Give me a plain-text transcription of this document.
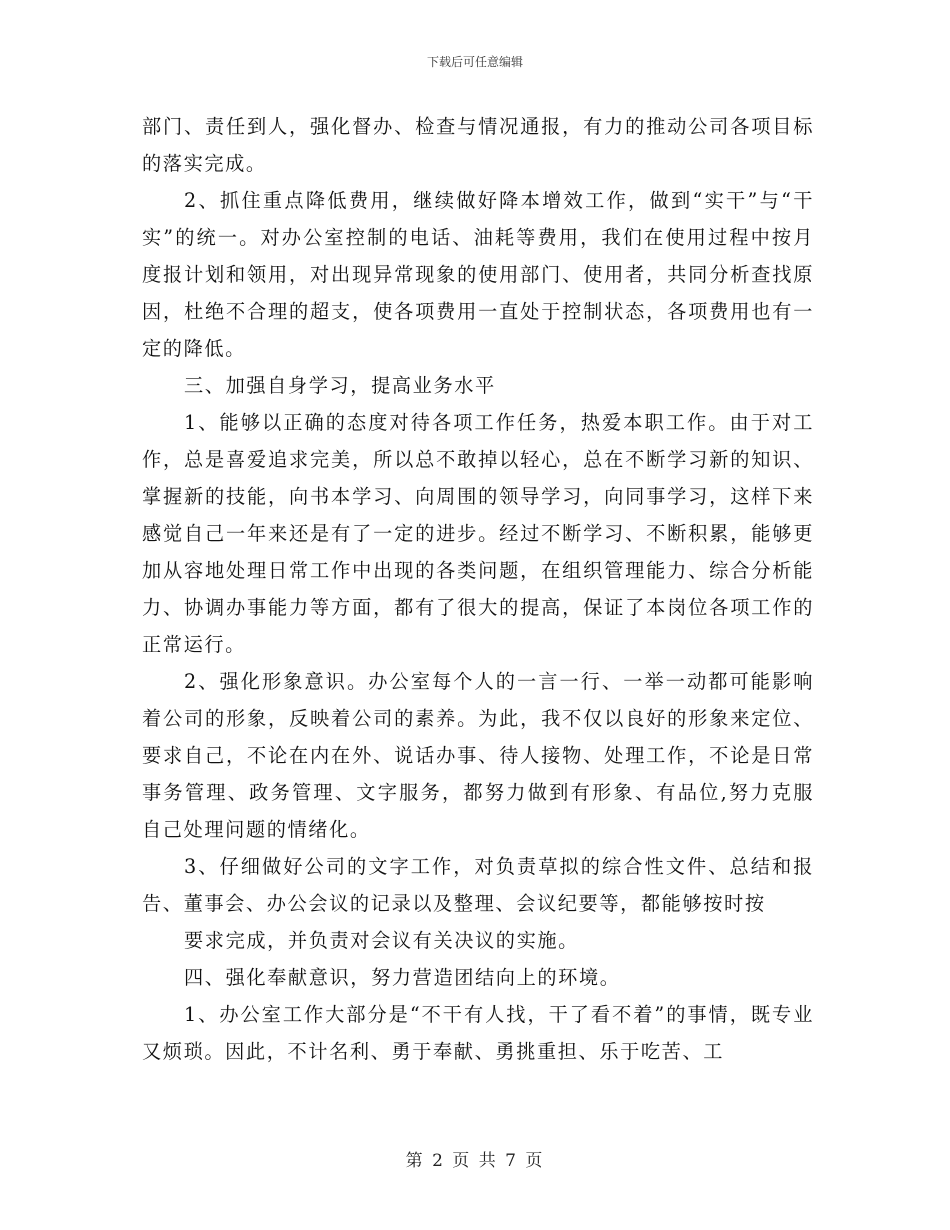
下载后可任意编辑

部门、责任到人，强化督办、检查与情况通报，有力的推动公司各项目标的落实完成。

2、抓住重点降低费用，继续做好降本增效工作，做到“实干”与“干实”的统一。对办公室控制的电话、油耗等费用，我们在使用过程中按月度报计划和领用，对出现异常现象的使用部门、使用者，共同分析查找原因，杜绝不合理的超支，使各项费用一直处于控制状态，各项费用也有一定的降低。

三、加强自身学习，提高业务水平

1、能够以正确的态度对待各项工作任务，热爱本职工作。由于对工作，总是喜爱追求完美，所以总不敢掉以轻心，总在不断学习新的知识、掌握新的技能，向书本学习、向周围的领导学习，向同事学习，这样下来感觉自己一年来还是有了一定的进步。经过不断学习、不断积累，能够更加从容地处理日常工作中出现的各类问题，在组织管理能力、综合分析能力、协调办事能力等方面，都有了很大的提高，保证了本岗位各项工作的正常运行。

2、强化形象意识。办公室每个人的一言一行、一举一动都可能影响着公司的形象，反映着公司的素养。为此，我不仅以良好的形象来定位、要求自己，不论在内在外、说话办事、待人接物、处理工作，不论是日常事务管理、政务管理、文字服务，都努力做到有形象、有品位,努力克服自己处理问题的情绪化。

3、仔细做好公司的文字工作，对负责草拟的综合性文件、总结和报告、董事会、办公会议的记录以及整理、会议纪要等，都能够按时按

要求完成，并负责对会议有关决议的实施。

四、强化奉献意识，努力营造团结向上的环境。

1、办公室工作大部分是“不干有人找，干了看不着”的事情，既专业又烦琐。因此，不计名利、勇于奉献、勇挑重担、乐于吃苦、工

第 2 页 共 7 页
